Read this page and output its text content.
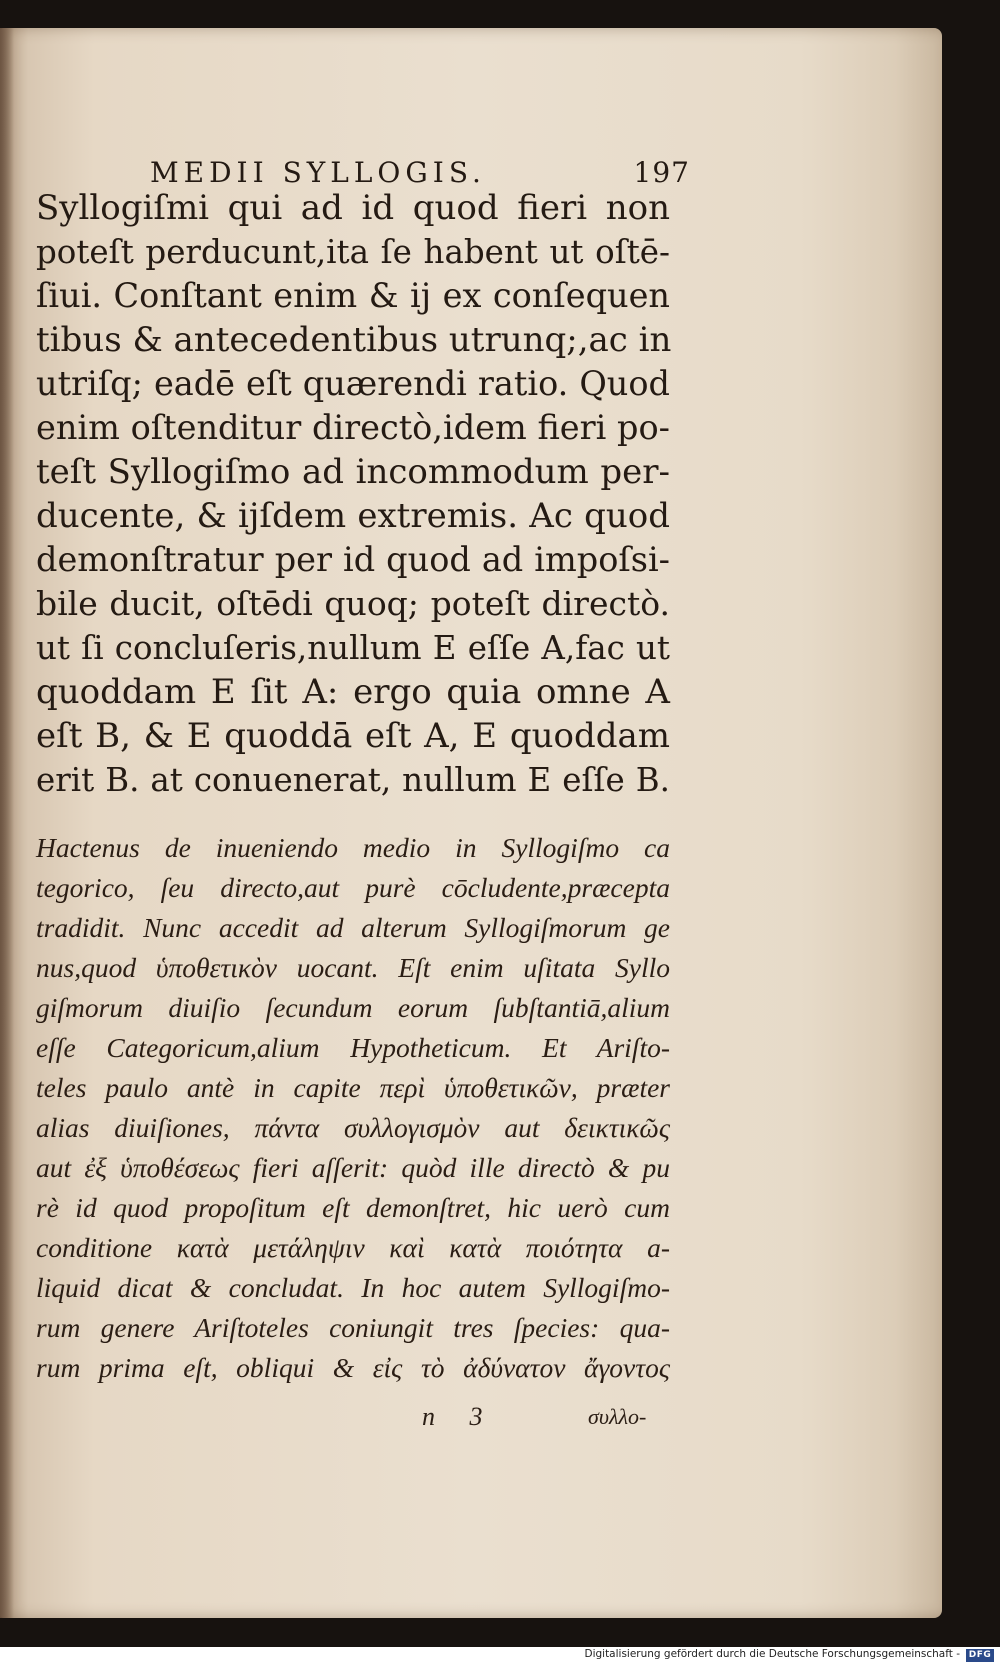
MEDII SYLLOGIS.	197
Syllogiſmi qui ad id quod fieri non
poteſt perducunt,ita ſe habent ut oſtē-
ſiui. Conſtant enim & ij ex conſequen
tibus & antecedentibus utrunq;,ac in
utriſq; eadē eſt quærendi ratio. Quod
enim oſtenditur directò,idem fieri po-
teſt Syllogiſmo ad incommodum per-
ducente, & ijſdem extremis. Ac quod
demonſtratur per id quod ad impoſsi-
bile ducit, oſtēdi quoq; poteſt directò.
ut ſi concluſeris,nullum E eſſe A,fac ut
quoddam E ſit A: ergo quia omne A
eſt B, & E quoddā eſt A, E quoddam
erit B. at conuenerat, nullum E eſſe B.
Hactenus de inueniendo medio in Syllogiſmo ca
tegorico, ſeu directo,aut purè cōcludente,præcepta
tradidit. Nunc accedit ad alterum Syllogiſmorum ge
nus,quod ὑποθετικὸν uocant. Eſt enim uſitata Syllo
giſmorum diuiſio ſecundum eorum ſubſtantiā,alium
eſſe Categoricum,alium Hypotheticum. Et Ariſto-
teles paulo antè in capite περὶ ὑποθετικῶν, præter
alias diuiſiones, πάντα συλλογισμὸν aut δεικτικῶς
aut ἐξ ὑποθέσεως fieri aſſerit: quòd ille directò & pu
rè id quod propoſitum eſt demonſtret, hic uerò cum
conditione κατὰ μετάληψιν καὶ κατὰ ποιότητα a-
liquid dicat & concludat. In hoc autem Syllogiſmo-
rum genere Ariſtoteles coniungit tres ſpecies: qua-
rum prima eſt, obliqui & εἰς τὸ ἀδύνατον ἄγοντος
n 3	συλλο-
Digitalisierung gefördert durch die Deutsche Forschungsgemeinschaft - DFG
